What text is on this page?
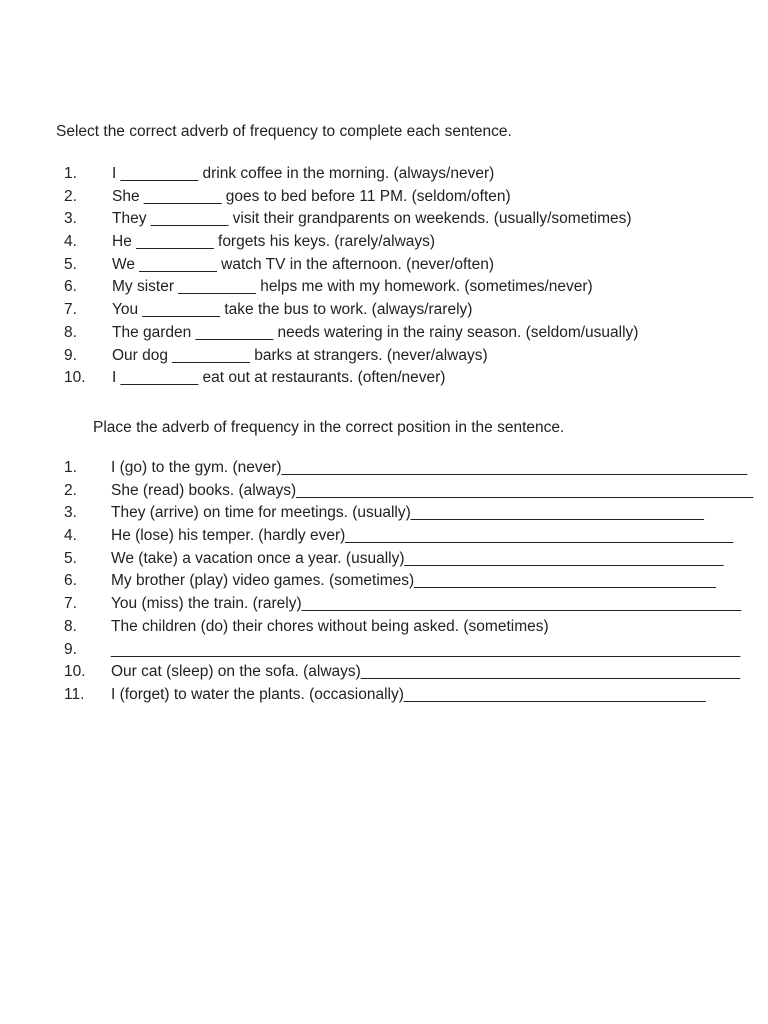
Select the correct adverb of frequency to complete each sentence.
1. I _________ drink coffee in the morning. (always/never)
2. She _________ goes to bed before 11 PM. (seldom/often)
3. They _________ visit their grandparents on weekends. (usually/sometimes)
4. He _________ forgets his keys. (rarely/always)
5. We _________ watch TV in the afternoon. (never/often)
6. My sister _________ helps me with my homework. (sometimes/never)
7. You _________ take the bus to work. (always/rarely)
8. The garden _________ needs watering in the rainy season. (seldom/usually)
9. Our dog _________ barks at strangers. (never/always)
10. I _________ eat out at restaurants. (often/never)
Place the adverb of frequency in the correct position in the sentence.
1. I (go) to the gym. (never)______________________________________________________
2. She (read) books. (always)_____________________________________________________
3. They (arrive) on time for meetings. (usually)__________________________________
4. He (lose) his temper. (hardly ever)_____________________________________________
5. We (take) a vacation once a year. (usually)_____________________________________
6. My brother (play) video games. (sometimes)___________________________________
7. You (miss) the train. (rarely)___________________________________________________
8. The children (do) their chores without being asked. (sometimes)
9. _________________________________________________________________________
10. Our cat (sleep) on the sofa. (always)____________________________________________
11. I (forget) to water the plants. (occasionally)___________________________________
